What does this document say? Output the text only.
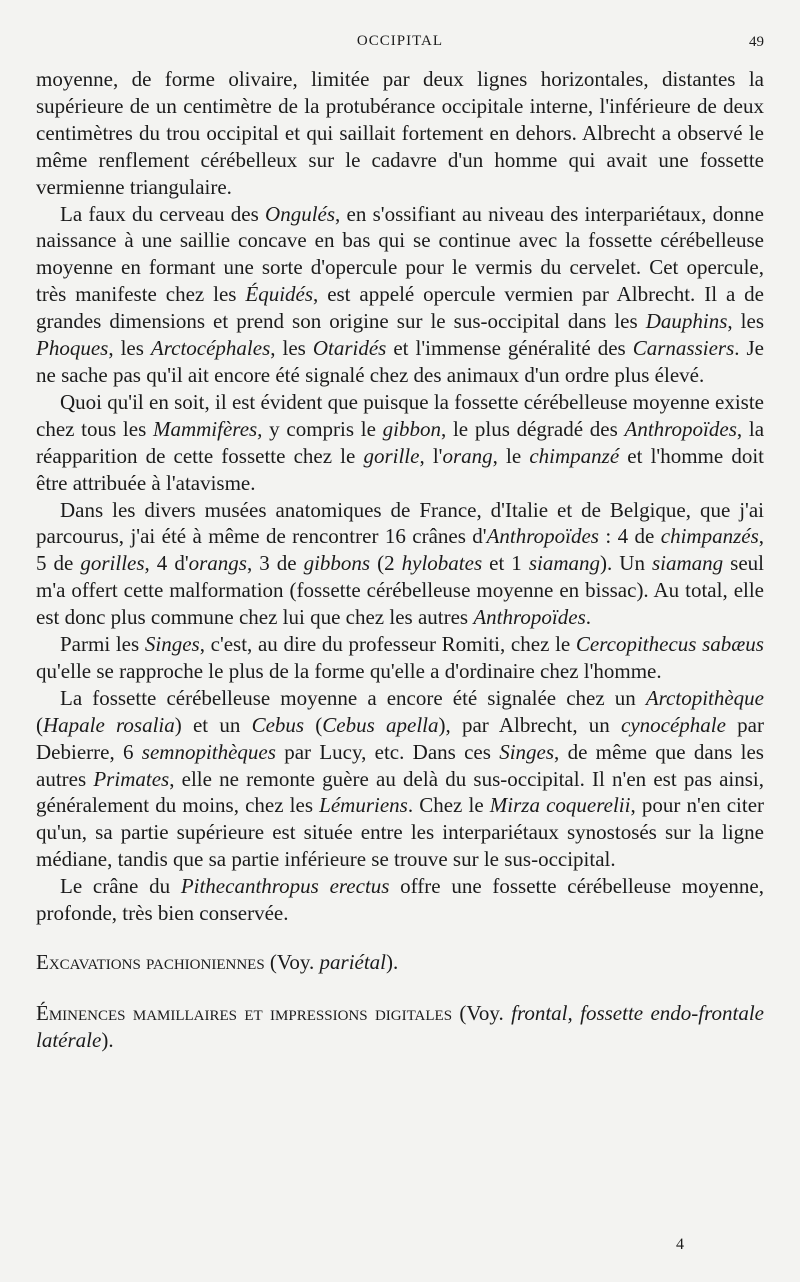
OCCIPITAL	49

moyenne, de forme olivaire, limitée par deux lignes horizontales, distantes la supérieure de un centimètre de la protubérance occipitale interne, l'inférieure de deux centimètres du trou occipital et qui saillait fortement en dehors. Albrecht a observé le même renflement cérébelleux sur le cadavre d'un homme qui avait une fossette vermienne triangulaire.

La faux du cerveau des Ongulés, en s'ossifiant au niveau des interpariétaux, donne naissance à une saillie concave en bas qui se continue avec la fossette cérébelleuse moyenne en formant une sorte d'opercule pour le vermis du cervelet. Cet opercule, très manifeste chez les Équidés, est appelé opercule vermien par Albrecht. Il a de grandes dimensions et prend son origine sur le sus-occipital dans les Dauphins, les Phoques, les Arctocéphales, les Otaridés et l'immense généralité des Carnassiers. Je ne sache pas qu'il ait encore été signalé chez des animaux d'un ordre plus élevé.

Quoi qu'il en soit, il est évident que puisque la fossette cérébelleuse moyenne existe chez tous les Mammifères, y compris le gibbon, le plus dégradé des Anthropoïdes, la réapparition de cette fossette chez le gorille, l'orang, le chimpanzé et l'homme doit être attribuée à l'atavisme.

Dans les divers musées anatomiques de France, d'Italie et de Belgique, que j'ai parcourus, j'ai été à même de rencontrer 16 crânes d'Anthropoïdes : 4 de chimpanzés, 5 de gorilles, 4 d'orangs, 3 de gibbons (2 hylobates et 1 siamang). Un siamang seul m'a offert cette malformation (fossette cérébelleuse moyenne en bissac). Au total, elle est donc plus commune chez lui que chez les autres Anthropoïdes.

Parmi les Singes, c'est, au dire du professeur Romiti, chez le Cercopithecus sabæus qu'elle se rapproche le plus de la forme qu'elle a d'ordinaire chez l'homme.

La fossette cérébelleuse moyenne a encore été signalée chez un Arctopithèque (Hapale rosalia) et un Cebus (Cebus apella), par Albrecht, un cynocéphale par Debierre, 6 semnopithèques par Lucy, etc. Dans ces Singes, de même que dans les autres Primates, elle ne remonte guère au delà du sus-occipital. Il n'en est pas ainsi, généralement du moins, chez les Lémuriens. Chez le Mirza coquerelii, pour n'en citer qu'un, sa partie supérieure est située entre les interpariétaux synostosés sur la ligne médiane, tandis que sa partie inférieure se trouve sur le sus-occipital.

Le crâne du Pithecanthropus erectus offre une fossette cérébelleuse moyenne, profonde, très bien conservée.

Excavations pachioniennes (Voy. pariétal).

Éminences mamillaires et impressions digitales (Voy. frontal, fossette endo-frontale latérale).

4
